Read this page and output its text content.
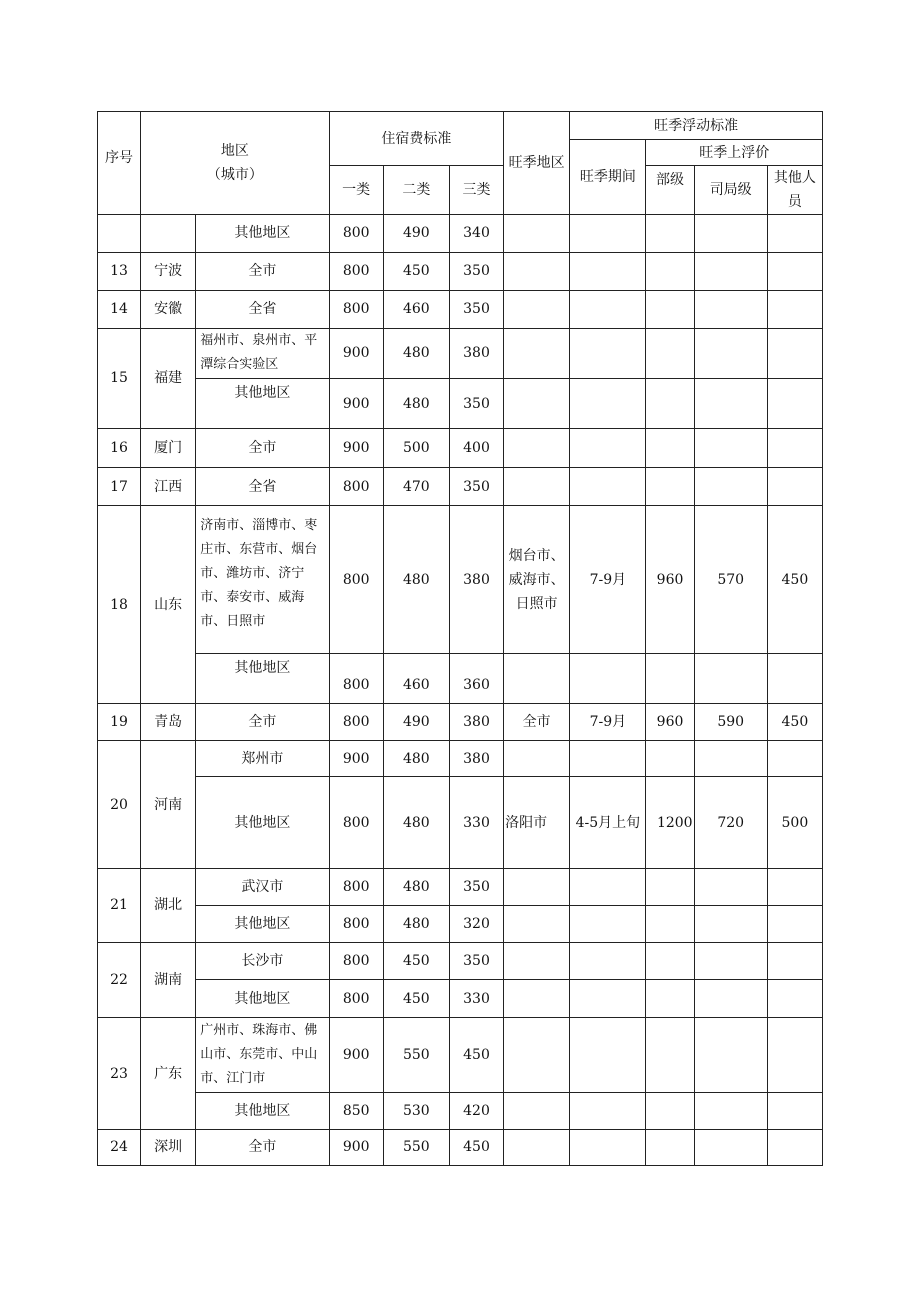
序号	地区
（城市）		住宿费标准			旺季地区	旺季浮动标准			
							旺季期间	旺季上浮价		
			一类	二类	三类			部级	司局级	其他人员
		其他地区	800	490	340					
13	宁波	全市	800	450	350					
14	安徽	全省	800	460	350					
15	福建	福州市、泉州市、平潭综合实验区	900	480	380					
		其他地区	900	480	350					
16	厦门	全市	900	500	400					
17	江西	全省	800	470	350					
18	山东	济南市、淄博市、枣庄市、东营市、烟台市、潍坊市、济宁市、泰安市、威海市、日照市	800	480	380	烟台市、威海市、日照市	7-9月	960	570	450
		其他地区	800	460	360					
19	青岛	全市	800	490	380	全市	7-9月	960	590	450
20	河南	郑州市	900	480	380					
		其他地区	800	480	330	洛阳市	4-5月上旬	1200	720	500
21	湖北	武汉市	800	480	350					
		其他地区	800	480	320					
22	湖南	长沙市	800	450	350					
		其他地区	800	450	330					
23	广东	广州市、珠海市、佛山市、东莞市、中山市、江门市	900	550	450					
		其他地区	850	530	420					
24	深圳	全市	900	550	450					
